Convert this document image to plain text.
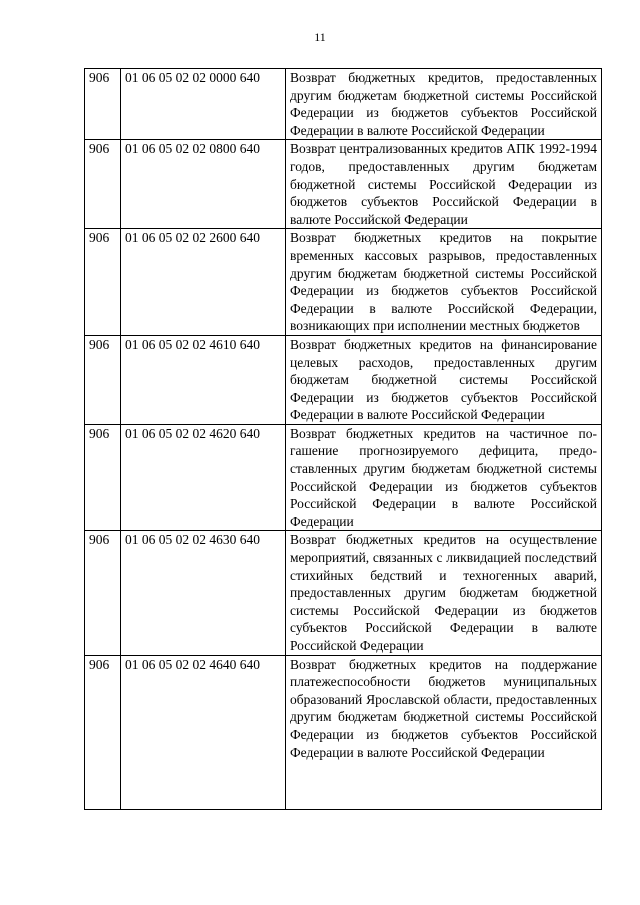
11
906	01 06 05 02 02 0000 640	Возврат бюджетных кредитов, предоставленных другим бюджетам бюджетной системы Российской Федерации из бюджетов субъектов Российской Федерации в валюте Российской Федерации
906	01 06 05 02 02 0800 640	Возврат централизованных кредитов АПК 1992-1994 годов, предоставленных другим бюджетам бюджетной системы Российской Федерации из бюджетов субъектов Российской Федерации в валюте Российской Федерации
906	01 06 05 02 02 2600 640	Возврат бюджетных кредитов на покрытие временных кассовых разрывов, предоставленных другим бюджетам бюджетной системы Российской Федерации из бюджетов субъектов Российской Федерации в валюте Российской Федерации, возникающих при исполнении местных бюджетов
906	01 06 05 02 02 4610 640	Возврат бюджетных кредитов на финансирование целевых расходов, предоставленных другим бюджетам бюджетной системы Российской Федерации из бюджетов субъектов Российской Федерации в валюте Российской Федерации
906	01 06 05 02 02 4620 640	Возврат бюджетных кредитов на частичное погашение прогнозируемого дефицита, предоставленных другим бюджетам бюджетной системы Российской Федерации из бюджетов субъектов Российской Федерации в валюте Российской Федерации
906	01 06 05 02 02 4630 640	Возврат бюджетных кредитов на осуществление мероприятий, связанных с ликвидацией последствий стихийных бедствий и техногенных аварий, предоставленных другим бюджетам бюджетной системы Российской Федерации из бюджетов субъектов Российской Федерации в валюте Российской Федерации
906	01 06 05 02 02 4640 640	Возврат бюджетных кредитов на поддержание платежеспособности бюджетов муниципальных образований Ярославской области, предоставленных другим бюджетам бюджетной системы Российской Федерации из бюджетов субъектов Российской Федерации в валюте Российской Федерации
